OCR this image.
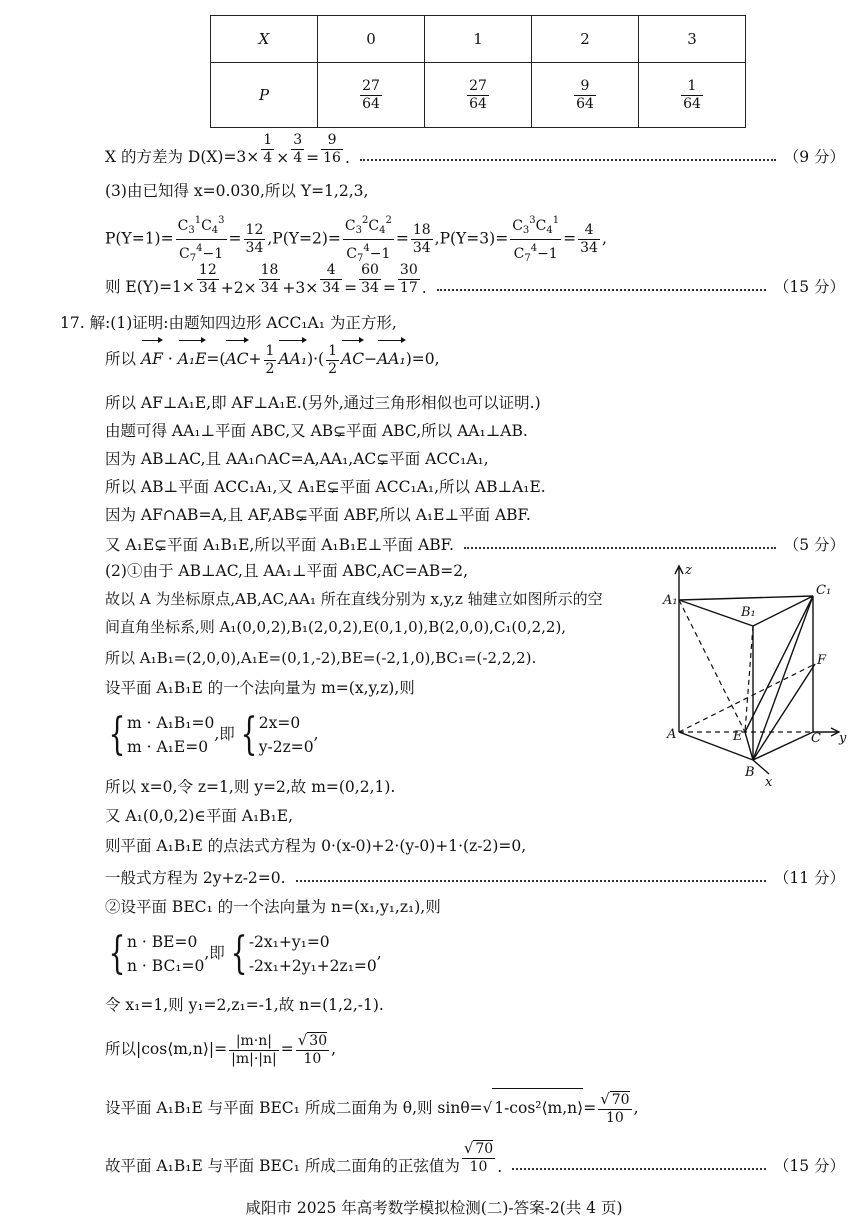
X	0	1	2	3
P	$\frac{27}{64}$	$\frac{27}{64}$	$\frac{9}{64}$	$\frac{1}{64}$
X 的方差为 $D(X)=3\times \frac{1}{4} \times \frac{3}{4} = \frac{9}{16}$ .	（9 分）
(3)由已知得 x=0.030,所以 Y=1,2,3,
$P(Y=1)= \frac{C_3^1C_4^3}{C_7^4-1} = \frac{12}{34} ,P(Y=2)= \frac{C_3^2C_4^2}{C_7^4-1} = \frac{18}{34} ,P(Y=3)= \frac{C_3^3C_4^1}{C_7^4-1} = \frac{4}{34}$ ,
则 $E(Y)=1\times \frac{12}{34} +2\times \frac{18}{34} +3\times \frac{4}{34} = \frac{60}{34} = \frac{30}{17}$ .	（15 分）
17. 解:(1)证明:由题知四边形 ACC₁A₁ 为正方形,
所以 AF · $A_1E=(AC+ \frac{1}{2} AA_1)\cdot( \frac{1}{2} AC-AA_1)=0$,
所以 AF⊥A₁E,即 AF⊥A₁E.(另外,通过三角形相似也可以证明.)
由题可得 AA₁⊥平面 ABC,又 AB⊊平面 ABC,所以 AA₁⊥AB.
因为 AB⊥AC,且 AA₁∩AC=A,AA₁,AC⊊平面 ACC₁A₁,
所以 AB⊥平面 ACC₁A₁,又 A₁E⊊平面 ACC₁A₁,所以 AB⊥A₁E.
因为 AF∩AB=A,且 AF,AB⊊平面 ABF,所以 A₁E⊥平面 ABF.
又 A₁E⊊平面 A₁B₁E,所以平面 A₁B₁E⊥平面 ABF.	（5 分）
(2)①由于 AB⊥AC,且 AA₁⊥平面 ABC,AC=AB=2,
故以 A 为坐标原点,AB,AC,AA₁ 所在直线分别为 x,y,z 轴建立如图所示的空
间直角坐标系,则 A₁(0,0,2),B₁(2,0,2),E(0,1,0),B(2,0,0),C₁(0,2,2),
所以 A₁B₁=(2,0,0),A₁E=(0,1,-2),BE=(-2,1,0),BC₁=(-2,2,2).
设平面 A₁B₁E 的一个法向量为 m=(x,y,z),则
{ m · A₁B₁=0
m · A₁E=0,即 { 2x=0
y-2z=0,
所以 x=0,令 z=1,则 y=2,故 m=(0,2,1).
又 A₁(0,0,2)∈平面 A₁B₁E,
则平面 A₁B₁E 的点法式方程为 0·(x-0)+2·(y-0)+1·(z-2)=0,
一般式方程为 2y+z-2=0.	（11 分）
②设平面 BEC₁ 的一个法向量为 n=(x₁,y₁,z₁),则
{ n · BE=0
n · BC₁=0,即 { -2x₁+y₁=0
-2x₁+2y₁+2z₁=0,
令 x₁=1,则 y₁=2,z₁=-1,故 n=(1,2,-1).
所以|cos⟨m,n⟩|= $\frac{|m\cdot n|}{|m|\cdot|n|} = \frac{√ 30}{10}$ ,
设平面 A₁B₁E 与平面 BEC₁ 所成二面角为 θ,则 sinθ=√ 1-cos²⟨m,n⟩= $\frac{√ 70}{10}$ ,
故平面 A₁B₁E 与平面 BEC₁ 所成二面角的正弦值为 $\frac{√ 70}{10}$ .	（15 分）
咸阳市 2025 年高考数学模拟检测(二)-答案-2(共 4 页)
z
A₁
B₁
C₁
F
A	E	C y
B
x
